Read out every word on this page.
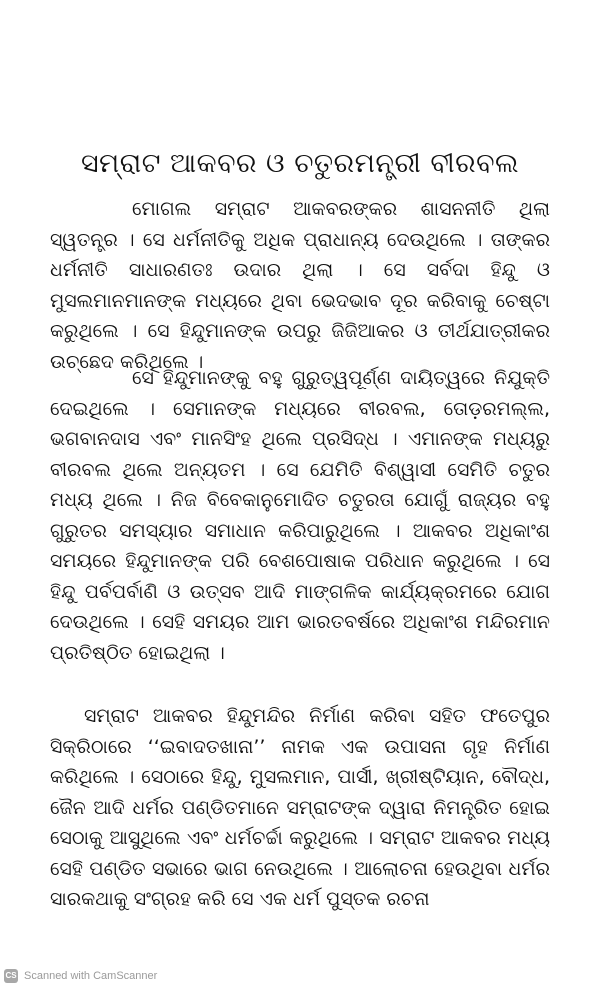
ସମ୍ରାଟ ଆକବର ଓ ଚତୁରମନ୍ତ୍ରୀ ବୀରବଲ

ମୋଗଲ ସମ୍ରାଟ ଆକବରଙ୍କର ଶାସନନୀତି ଥିଲା ସ୍ୱତନ୍ତ୍ର । ସେ ଧର୍ମନୀତିକୁ ଅଧିକ ପ୍ରାଧାନ୍ୟ ଦେଉଥିଲେ । ତାଙ୍କର ଧର୍ମନୀତି ସାଧାରଣତଃ ଉଦାର ଥିଲା । ସେ ସର୍ବଦା ହିନ୍ଦୁ ଓ ମୁସଲମାନମାନଙ୍କ ମଧ୍ୟରେ ଥିବା ଭେଦଭାବ ଦୂର କରିବାକୁ ଚେଷ୍ଟା କରୁଥିଲେ । ସେ ହିନ୍ଦୁମାନଙ୍କ ଉପରୁ ଜିଜିଆକର ଓ ତୀର୍ଥଯାତ୍ରୀକର ଉଚ୍ଛେଦ କରିଥିଲେ ।

ସେ ହିନ୍ଦୁମାନଙ୍କୁ ବହୁ ଗୁରୁତ୍ୱପୂର୍ଣ୍ଣ ଦାୟିତ୍ୱରେ ନିଯୁକ୍ତି ଦେଇଥିଲେ । ସେମାନଙ୍କ ମଧ୍ୟରେ ବୀରବଲ, ତୋଡ଼ରମଲ୍ଲ, ଭଗବାନଦାସ ଏବଂ ମାନସିଂହ ଥିଲେ ପ୍ରସିଦ୍ଧ । ଏମାନଙ୍କ ମଧ୍ୟରୁ ବୀରବଲ ଥିଲେ ଅନ୍ୟତମ । ସେ ଯେମିତି ବିଶ୍ୱାସୀ ସେମିତି ଚତୁର ମଧ୍ୟ ଥିଲେ । ନିଜ ବିବେକାନୁମୋଦିତ ଚତୁରତା ଯୋଗୁଁ ରାଜ୍ୟର ବହୁ ଗୁରୁତର ସମସ୍ୟାର ସମାଧାନ କରିପାରୁଥିଲେ । ଆକବର ଅଧିକାଂଶ ସମୟରେ ହିନ୍ଦୁମାନଙ୍କ ପରି ବେଶପୋଷାକ ପରିଧାନ କରୁଥିଲେ । ସେ ହିନ୍ଦୁ ପର୍ବପର୍ବାଣି ଓ ଉତ୍ସବ ଆଦି ମାଙ୍ଗଳିକ କାର୍ଯ୍ୟକ୍ରମରେ ଯୋଗ ଦେଉଥିଲେ । ସେହି ସମୟର ଆମ ଭାରତବର୍ଷରେ ଅଧିକାଂଶ ମନ୍ଦିରମାନ ପ୍ରତିଷ୍ଠିତ ହୋଇଥିଲା ।

ସମ୍ରାଟ ଆକବର ହିନ୍ଦୁମନ୍ଦିର ନିର୍ମାଣ କରିବା ସହିତ ଫତେପୁର ସିକ୍ରିଠାରେ ‘‘ଇବାଦତଖାନା’’ ନାମକ ଏକ ଉପାସନା ଗୃହ ନିର୍ମାଣ କରିଥିଲେ । ସେଠାରେ ହିନ୍ଦୁ, ମୁସଲମାନ, ପାର୍ସୀ, ଖ୍ରୀଷ୍ଟିୟାନ, ବୌଦ୍ଧ, ଜୈନ ଆଦି ଧର୍ମର ପଣ୍ଡିତମାନେ ସମ୍ରାଟଙ୍କ ଦ୍ୱାରା ନିମନ୍ତ୍ରିତ ହୋଇ ସେଠାକୁ ଆସୁଥିଲେ ଏବଂ ଧର୍ମଚର୍ଚ୍ଚା କରୁଥିଲେ । ସମ୍ରାଟ ଆକବର ମଧ୍ୟ ସେହି ପଣ୍ଡିତ ସଭାରେ ଭାଗ ନେଉଥିଲେ । ଆଲୋଚନା ହେଉଥିବା ଧର୍ମର ସାରକଥାକୁ ସଂଗ୍ରହ କରି ସେ ଏକ ଧର୍ମ ପୁସ୍ତକ ରଚନା

CS Scanned with CamScanner
